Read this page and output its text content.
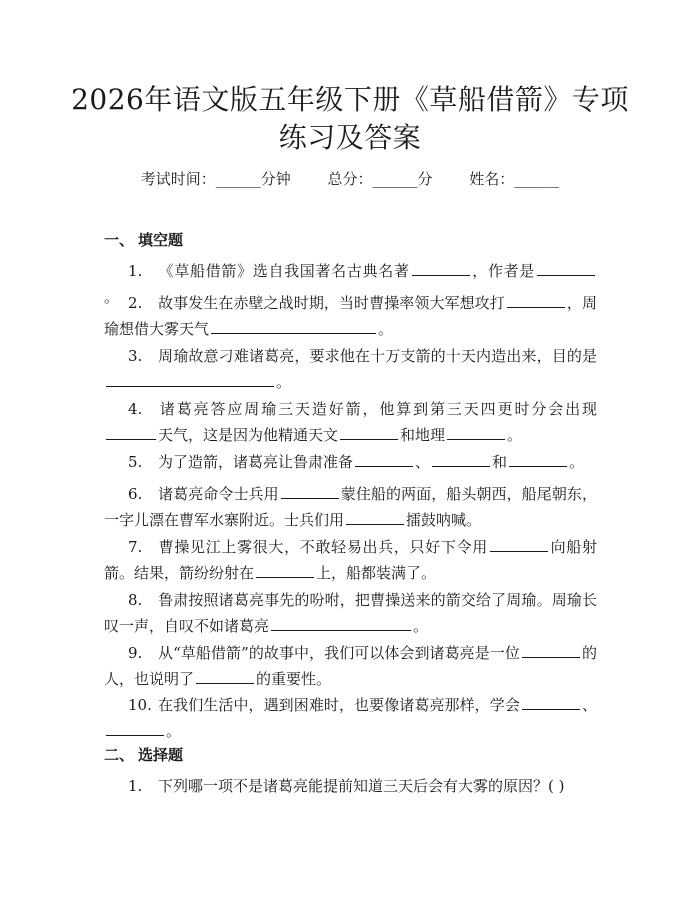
2026年语文版五年级下册《草船借箭》专项
练习及答案
考试时间：______分钟 总分：______分 姓名：______
一、 填空题
1. 《草船借箭》选自我国著名古典名著	，作者是。 2. 故事发生在赤壁之战时期，当时曹操率领大军想攻打	，周瑜想借大雾天气	。
3. 周瑜故意刁难诸葛亮，要求他在十万支箭的十天内造出来，目的是。
4. 诸葛亮答应周瑜三天造好箭，他算到第三天四更时分会出现天气，这是因为他精通天文	和地理	。
5. 为了造箭，诸葛亮让鲁肃准备	、	和	。
6. 诸葛亮命令士兵用	蒙住船的两面，船头朝西，船尾朝东，一字儿漂在曹军水寨附近。士兵们用	擂鼓呐喊。
7. 曹操见江上雾很大，不敢轻易出兵，只好下令用	向船射箭。结果，箭纷纷射在	上，船都装满了。
8. 鲁肃按照诸葛亮事先的吩咐，把曹操送来的箭交给了周瑜。周瑜长叹一声，自叹不如诸葛亮	。
9. 从“草船借箭”的故事中，我们可以体会到诸葛亮是一位	的人，也说明了	的重要性。
10. 在我们生活中，遇到困难时，也要像诸葛亮那样，学会	、。
二、 选择题
1. 下列哪一项不是诸葛亮能提前知道三天后会有大雾的原因？( )
